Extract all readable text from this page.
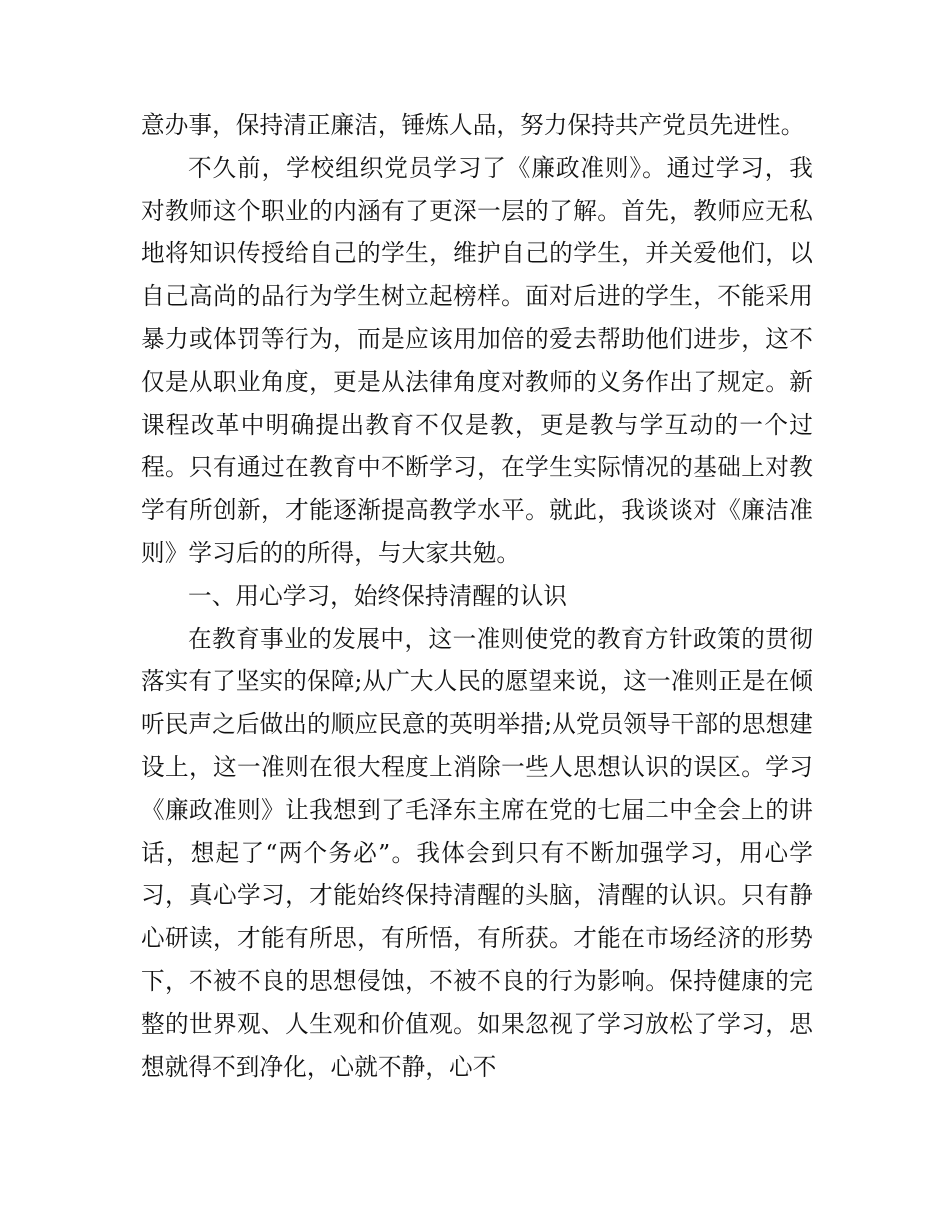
意办事，保持清正廉洁，锤炼人品，努力保持共产党员先进性。

不久前，学校组织党员学习了《廉政准则》。通过学习，我对教师这个职业的内涵有了更深一层的了解。首先，教师应无私地将知识传授给自己的学生，维护自己的学生，并关爱他们，以自己高尚的品行为学生树立起榜样。面对后进的学生，不能采用暴力或体罚等行为，而是应该用加倍的爱去帮助他们进步，这不仅是从职业角度，更是从法律角度对教师的义务作出了规定。新课程改革中明确提出教育不仅是教，更是教与学互动的一个过程。只有通过在教育中不断学习，在学生实际情况的基础上对教学有所创新，才能逐渐提高教学水平。就此，我谈谈对《廉洁准则》学习后的的所得，与大家共勉。

一、用心学习，始终保持清醒的认识

在教育事业的发展中，这一准则使党的教育方针政策的贯彻落实有了坚实的保障;从广大人民的愿望来说，这一准则正是在倾听民声之后做出的顺应民意的英明举措;从党员领导干部的思想建设上，这一准则在很大程度上消除一些人思想认识的误区。学习《廉政准则》让我想到了毛泽东主席在党的七届二中全会上的讲话，想起了“两个务必”。我体会到只有不断加强学习，用心学习，真心学习，才能始终保持清醒的头脑，清醒的认识。只有静心研读，才能有所思，有所悟，有所获。才能在市场经济的形势下，不被不良的思想侵蚀，不被不良的行为影响。保持健康的完整的世界观、人生观和价值观。如果忽视了学习放松了学习，思想就得不到净化，心就不静，心不
